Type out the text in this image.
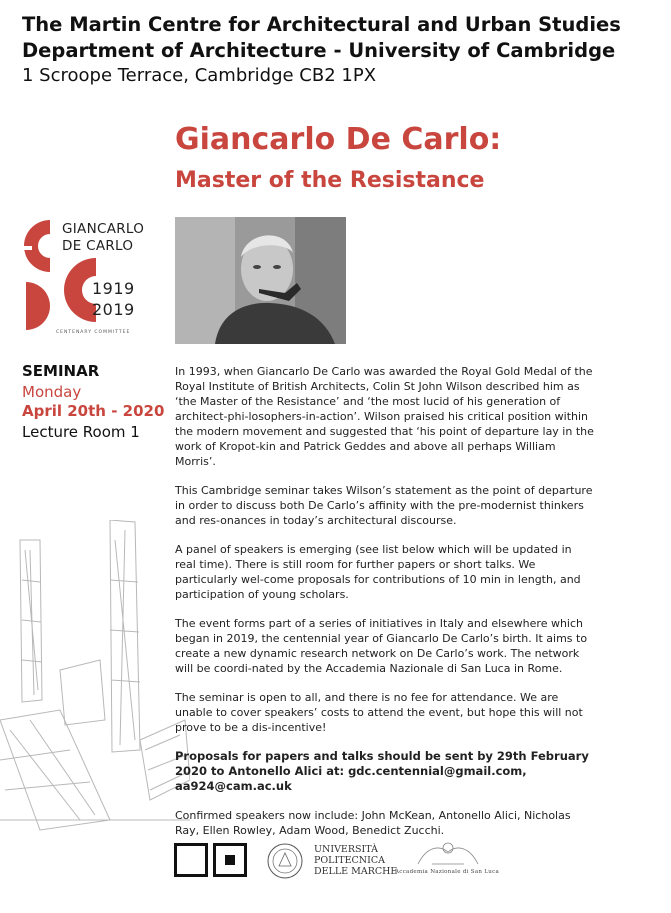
The Martin Centre for Architectural and Urban Studies
Department of Architecture - University of Cambridge
1 Scroope Terrace, Cambridge CB2 1PX
Giancarlo De Carlo:
Master of the Resistance
GIANCARLO
DE CARLO
1919
2019
CENTENARY COMMITTEE
SEMINAR
Monday
April 20th - 2020
Lecture Room 1

In 1993, when Giancarlo De Carlo was awarded the Royal Gold Medal of the Royal Institute of British Architects, Colin St John Wilson described him as ‘the Master of the Resistance’ and ‘the most lucid of his generation of architect-phi-losophers-in-action’. Wilson praised his critical position within the modern movement and suggested that ‘his point of departure lay in the work of Kropot-kin and Patrick Geddes and above all perhaps William Morris’.

This Cambridge seminar takes Wilson’s statement as the point of departure in order to discuss both De Carlo’s affinity with the pre-modernist thinkers and res-onances in today’s architectural discourse.

A panel of speakers is emerging (see list below which will be updated in real time). There is still room for further papers or short talks. We particularly wel-come proposals for contributions of 10 min in length, and participation of young scholars.

The event forms part of a series of initiatives in Italy and elsewhere which began in 2019, the centennial year of Giancarlo De Carlo’s birth. It aims to create a new dynamic research network on De Carlo’s work. The network will be coordi-nated by the Accademia Nazionale di San Luca in Rome.

The seminar is open to all, and there is no fee for attendance. We are unable to cover speakers’ costs to attend the event, but hope this will not prove to be a dis-incentive!

Proposals for papers and talks should be sent by 29th February 2020 to Antonello Alici at: gdc.centennial@gmail.com, aa924@cam.ac.uk

Confirmed speakers now include: John McKean, Antonello Alici, Nicholas Ray, Ellen Rowley, Adam Wood, Benedict Zucchi.

UNIVERSITÀ
POLITECNICA
DELLE MARCHE
Accademia Nazionale di San Luca
